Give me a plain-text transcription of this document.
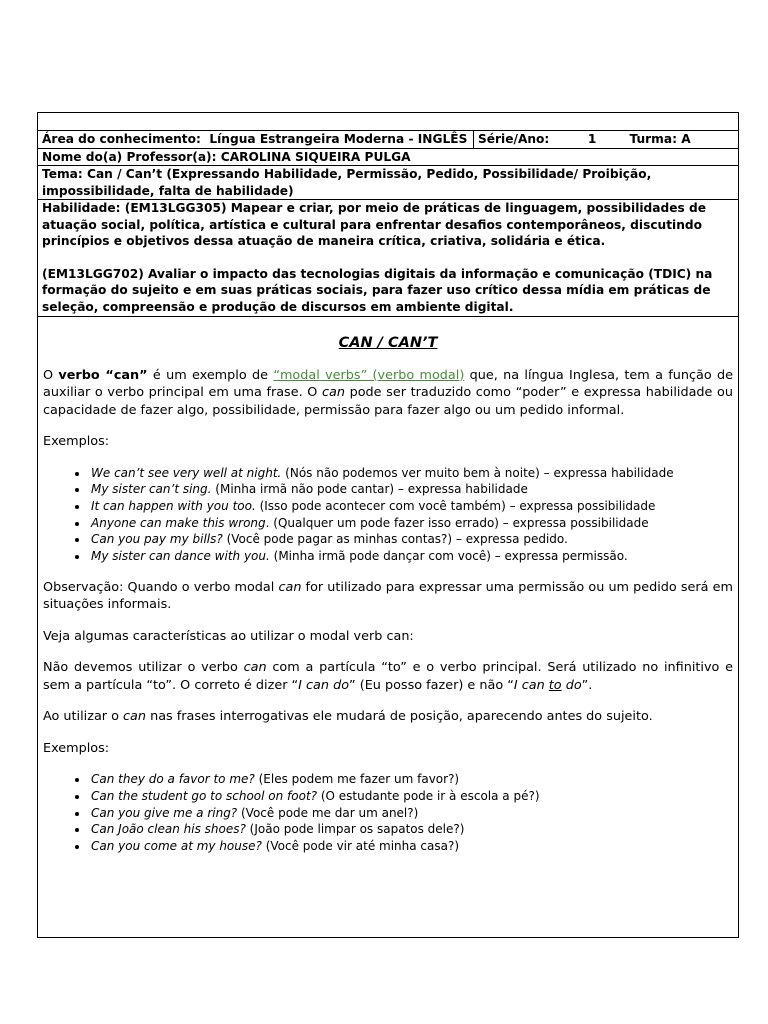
Área do conhecimento: Língua Estrangeira Moderna - INGLÊS	Série/Ano:	1	Turma: A
Nome do(a) Professor(a): CAROLINA SIQUEIRA PULGA
Tema: Can / Can’t (Expressando Habilidade, Permissão, Pedido, Possibilidade/ Proibição, impossibilidade, falta de habilidade)

Habilidade: (EM13LGG305) Mapear e criar, por meio de práticas de linguagem, possibilidades de atuação social, política, artística e cultural para enfrentar desafios contemporâneos, discutindo princípios e objetivos dessa atuação de maneira crítica, criativa, solidária e ética.
(EM13LGG702) Avaliar o impacto das tecnologias digitais da informação e comunicação (TDIC) na formação do sujeito e em suas práticas sociais, para fazer uso crítico dessa mídia em práticas de seleção, compreensão e produção de discursos em ambiente digital.

CAN / CAN’T

O verbo “can” é um exemplo de “modal verbs” (verbo modal) que, na língua Inglesa, tem a função de auxiliar o verbo principal em uma frase. O can pode ser traduzido como “poder” e expressa habilidade ou capacidade de fazer algo, possibilidade, permissão para fazer algo ou um pedido informal.

Exemplos:

• We can’t see very well at night. (Nós não podemos ver muito bem à noite) – expressa habilidade
• My sister can’t sing. (Minha irmã não pode cantar) – expressa habilidade
• It can happen with you too. (Isso pode acontecer com você também) – expressa possibilidade
• Anyone can make this wrong. (Qualquer um pode fazer isso errado) – expressa possibilidade
• Can you pay my bills? (Você pode pagar as minhas contas?) – expressa pedido.
• My sister can dance with you. (Minha irmã pode dançar com você) – expressa permissão.

Observação: Quando o verbo modal can for utilizado para expressar uma permissão ou um pedido será em situações informais.

Veja algumas características ao utilizar o modal verb can:

Não devemos utilizar o verbo can com a partícula “to” e o verbo principal. Será utilizado no infinitivo e sem a partícula “to”. O correto é dizer “I can do” (Eu posso fazer) e não “I can to do”.

Ao utilizar o can nas frases interrogativas ele mudará de posição, aparecendo antes do sujeito.

Exemplos:

• Can they do a favor to me? (Eles podem me fazer um favor?)
• Can the student go to school on foot? (O estudante pode ir à escola a pé?)
• Can you give me a ring? (Você pode me dar um anel?)
• Can João clean his shoes? (João pode limpar os sapatos dele?)
• Can you come at my house? (Você pode vir até minha casa?)
